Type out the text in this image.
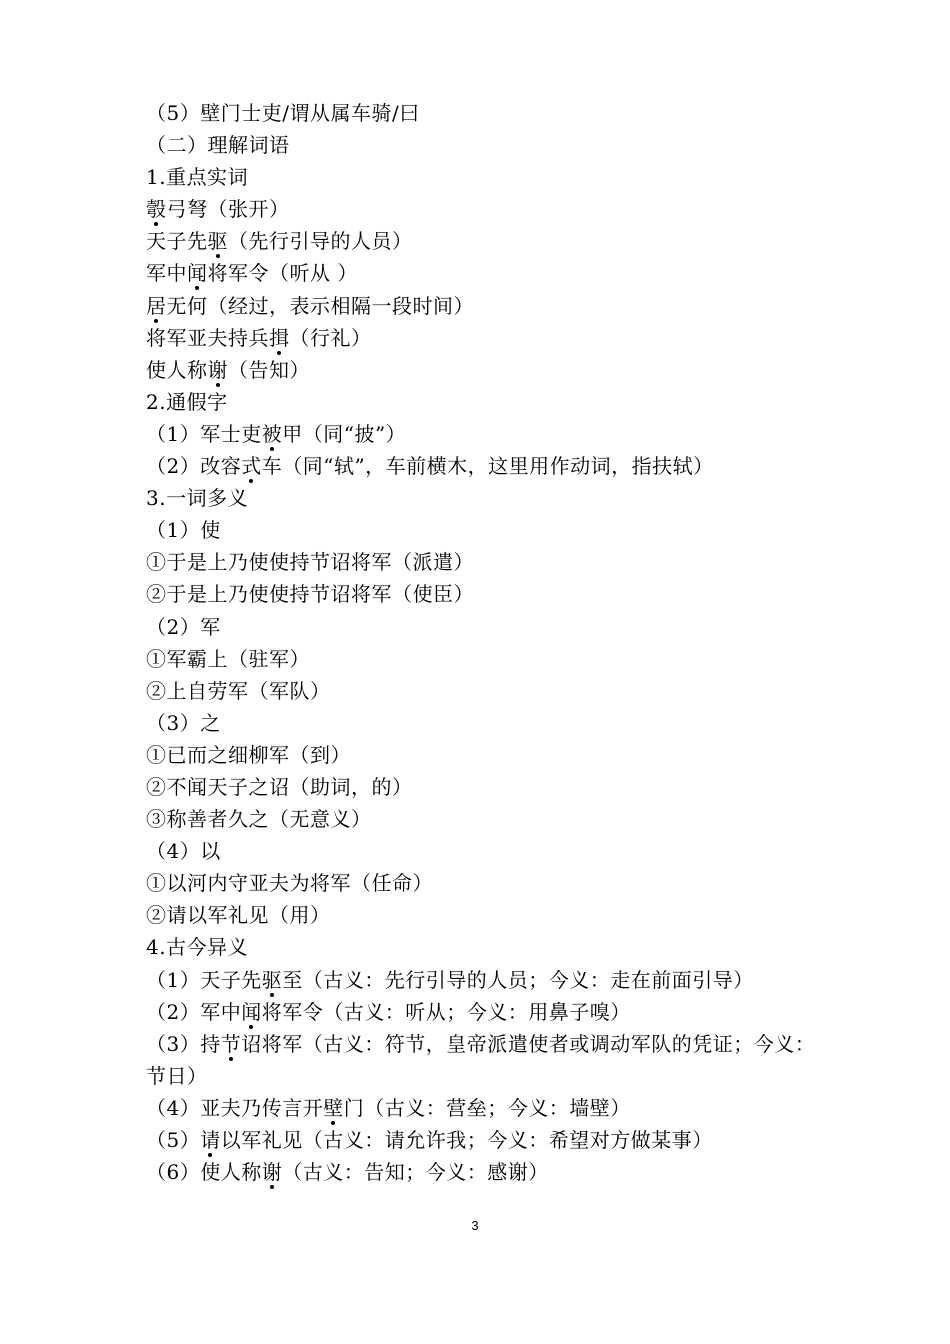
（5）壁门士吏/谓从属车骑/曰
（二）理解词语
1.重点实词
彀弓弩（张开）
天子先驱（先行引导的人员）
军中闻将军令（听从 ）
居无何（经过，表示相隔一段时间）
将军亚夫持兵揖（行礼）
使人称谢（告知）
2.通假字
（1）军士吏被甲（同“披”）
（2）改容式车（同“轼”，车前横木，这里用作动词，指扶轼）
3.一词多义
（1）使
①于是上乃使使持节诏将军（派遣）
②于是上乃使使持节诏将军（使臣）
（2）军
①军霸上（驻军）
②上自劳军（军队）
（3）之
①已而之细柳军（到）
②不闻天子之诏（助词，的）
③称善者久之（无意义）
（4）以
①以河内守亚夫为将军（任命）
②请以军礼见（用）
4.古今异义
（1）天子先驱至（古义：先行引导的人员；今义：走在前面引导）
（2）军中闻将军令（古义：听从；今义：用鼻子嗅）
（3）持节诏将军（古义：符节，皇帝派遣使者或调动军队的凭证；今义：节日）
（4）亚夫乃传言开壁门（古义：营垒；今义：墙壁）
（5）请以军礼见（古义：请允许我；今义：希望对方做某事）
（6）使人称谢（古义：告知；今义：感谢）
3
